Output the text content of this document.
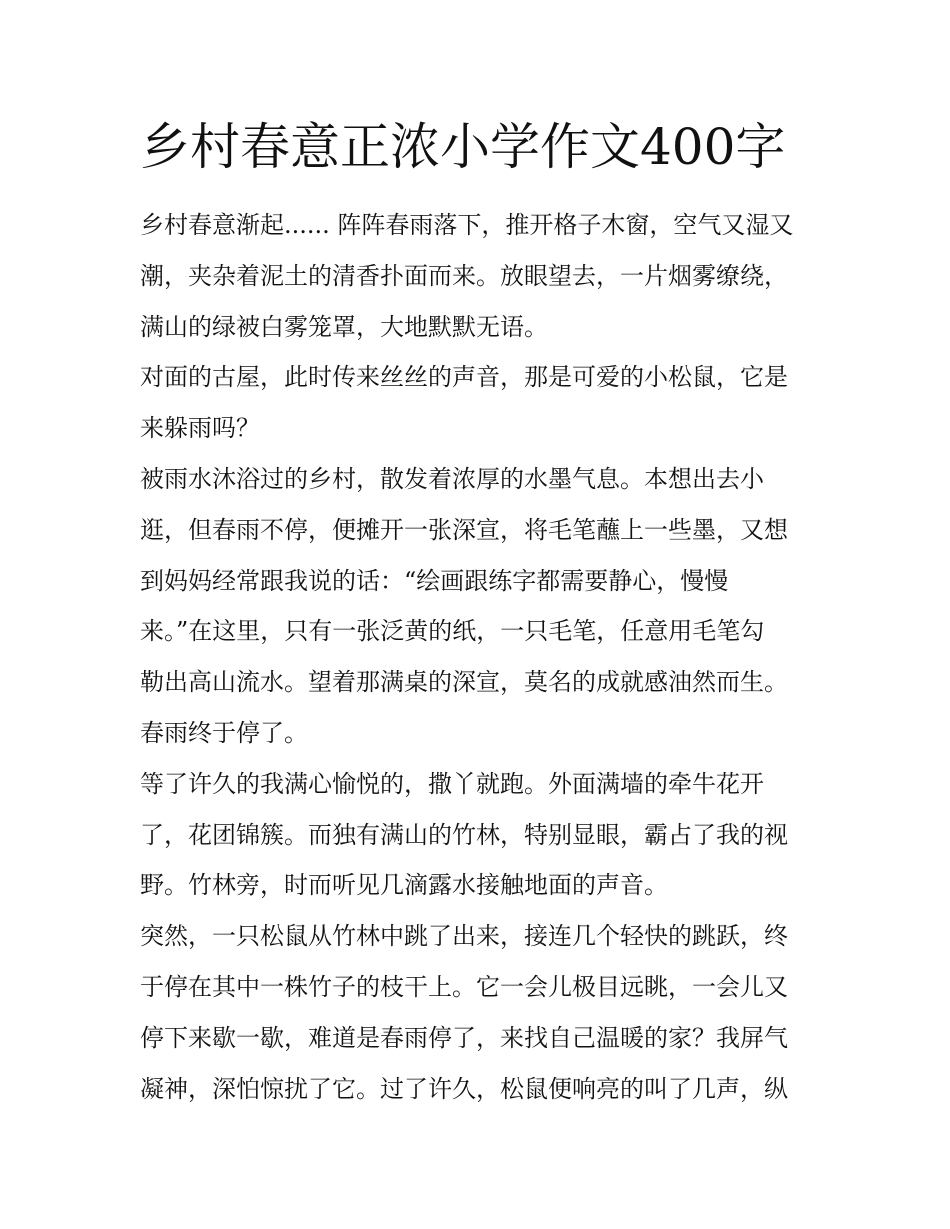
乡村春意正浓小学作文400字

乡村春意渐起...... 阵阵春雨落下，推开格子木窗，空气又湿又

潮，夹杂着泥土的清香扑面而来。放眼望去，一片烟雾缭绕，

满山的绿被白雾笼罩，大地默默无语。

对面的古屋，此时传来丝丝的声音，那是可爱的小松鼠，它是

来躲雨吗？

被雨水沐浴过的乡村，散发着浓厚的水墨气息。本想出去小

逛，但春雨不停，便摊开一张深宣，将毛笔蘸上一些墨，又想

到妈妈经常跟我说的话：“绘画跟练字都需要静心，慢慢

来。”在这里，只有一张泛黄的纸，一只毛笔，任意用毛笔勾

勒出高山流水。望着那满桌的深宣，莫名的成就感油然而生。

春雨终于停了。

等了许久的我满心愉悦的，撒丫就跑。外面满墙的牵牛花开

了，花团锦簇。而独有满山的竹林，特别显眼，霸占了我的视

野。竹林旁，时而听见几滴露水接触地面的声音。

突然，一只松鼠从竹林中跳了出来，接连几个轻快的跳跃，终

于停在其中一株竹子的枝干上。它一会儿极目远眺，一会儿又

停下来歇一歇，难道是春雨停了，来找自己温暖的家？我屏气

凝神，深怕惊扰了它。过了许久，松鼠便响亮的叫了几声，纵
